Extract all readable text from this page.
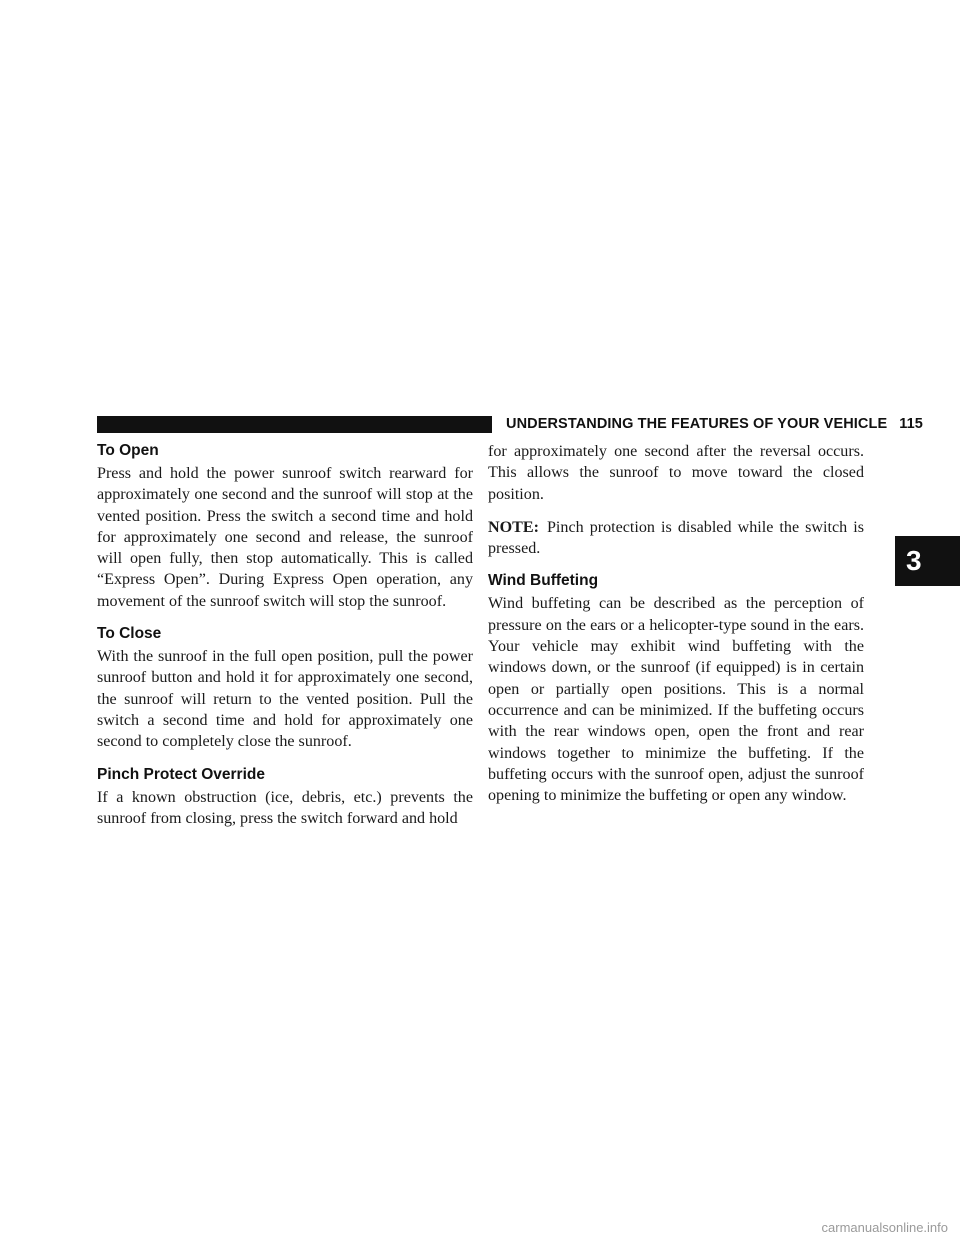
UNDERSTANDING THE FEATURES OF YOUR VEHICLE 115
To Open

Press and hold the power sunroof switch rearward for approximately one second and the sunroof will stop at the vented position. Press the switch a second time and hold for approximately one second and release, the sunroof will open fully, then stop automatically. This is called “Express Open”. During Express Open operation, any movement of the sunroof switch will stop the sunroof.

To Close

With the sunroof in the full open position, pull the power sunroof button and hold it for approximately one second, the sunroof will return to the vented position. Pull the switch a second time and hold for approximately one second to completely close the sunroof.

Pinch Protect Override

If a known obstruction (ice, debris, etc.) prevents the sunroof from closing, press the switch forward and hold

for approximately one second after the reversal occurs. This allows the sunroof to move toward the closed position.

NOTE: Pinch protection is disabled while the switch is pressed.

Wind Buffeting

Wind buffeting can be described as the perception of pressure on the ears or a helicopter-type sound in the ears. Your vehicle may exhibit wind buffeting with the windows down, or the sunroof (if equipped) is in certain open or partially open positions. This is a normal occurrence and can be minimized. If the buffeting occurs with the rear windows open, open the front and rear windows together to minimize the buffeting. If the buffeting occurs with the sunroof open, adjust the sunroof opening to minimize the buffeting or open any window.

3
carmanualsonline.info
